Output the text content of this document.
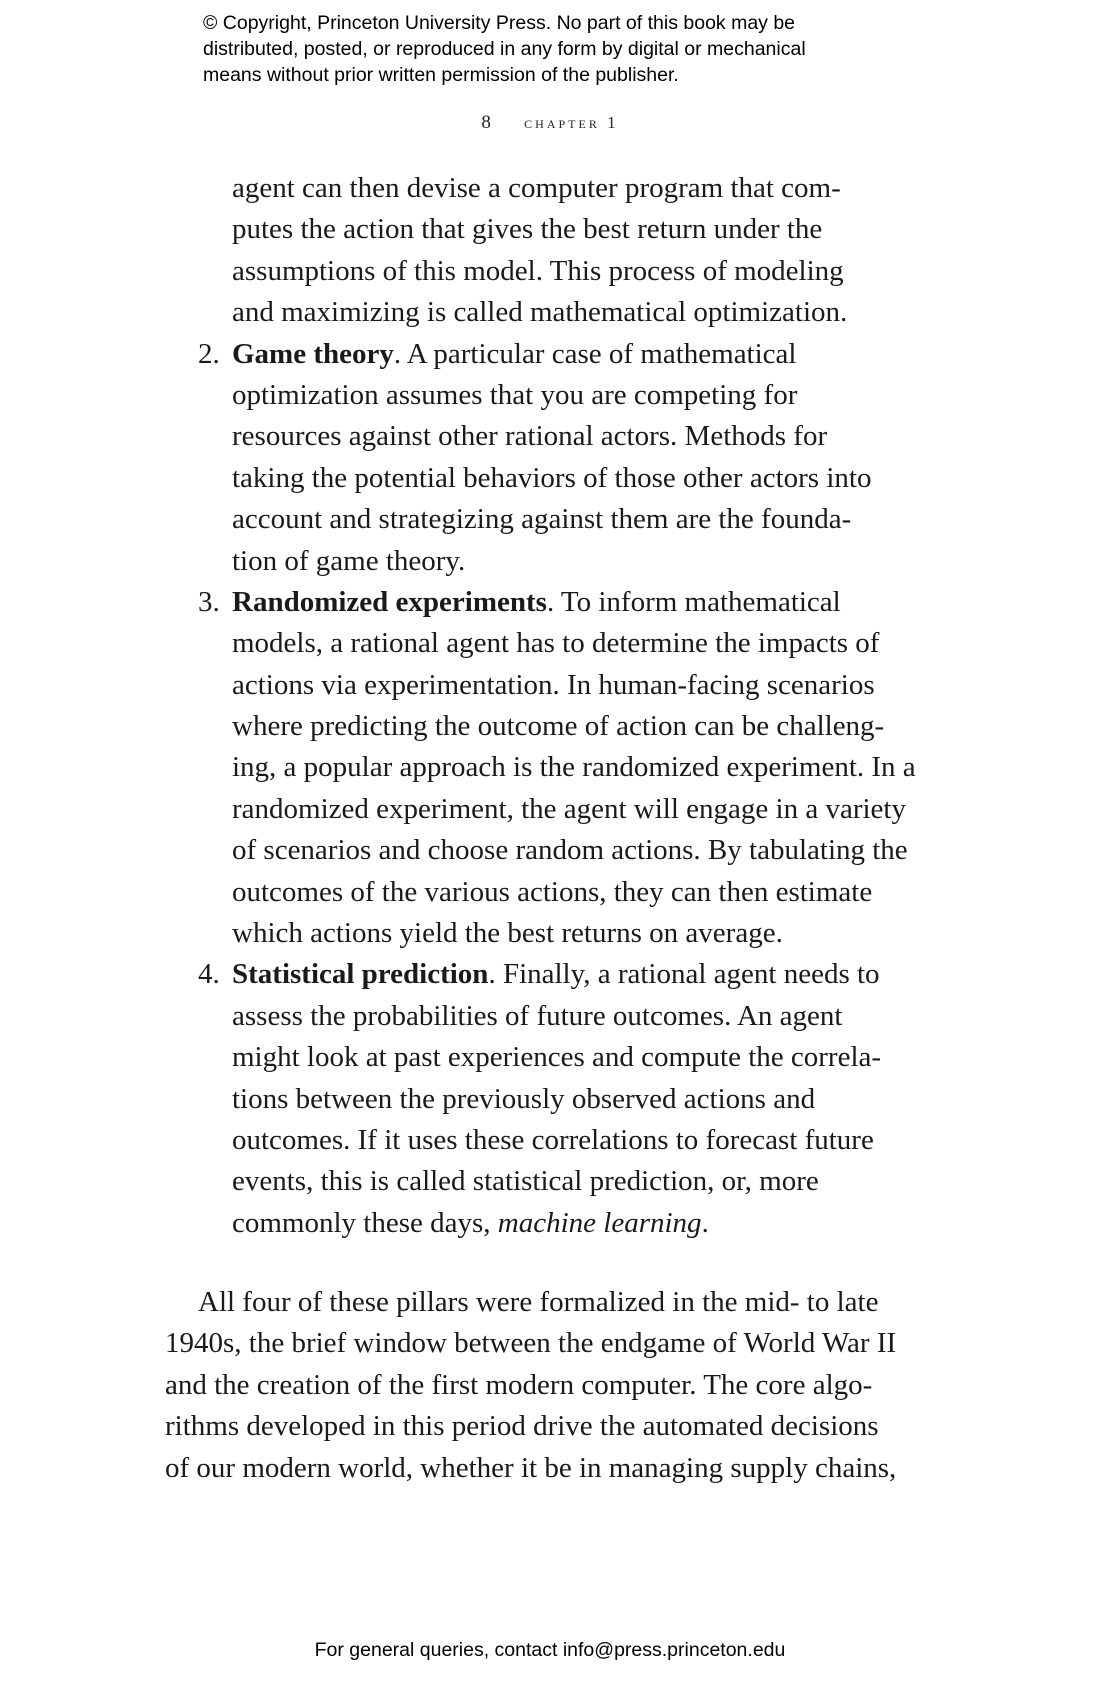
© Copyright, Princeton University Press. No part of this book may be
distributed, posted, or reproduced in any form by digital or mechanical
means without prior written permission of the publisher.
8 chapter 1
agent can then devise a computer program that com-
putes the action that gives the best return under the
assumptions of this model. This process of modeling
and maximizing is called mathematical optimization.
2. Game theory. A particular case of mathematical
optimization assumes that you are competing for
resources against other rational actors. Methods for
taking the potential behaviors of those other actors into
account and strategizing against them are the founda-
tion of game theory.
3. Randomized experiments. To inform mathematical
models, a rational agent has to determine the impacts of
actions via experimentation. In human-facing scenarios
where predicting the outcome of action can be challeng-
ing, a popular approach is the randomized experiment. In a
randomized experiment, the agent will engage in a variety
of scenarios and choose random actions. By tabulating the
outcomes of the various actions, they can then estimate
which actions yield the best returns on average.
4. Statistical prediction. Finally, a rational agent needs to
assess the probabilities of future outcomes. An agent
might look at past experiences and compute the correla-
tions between the previously observed actions and
outcomes. If it uses these correlations to forecast future
events, this is called statistical prediction, or, more
commonly these days, machine learning.
All four of these pillars were formalized in the mid- to late
1940s, the brief window between the endgame of World War II
and the creation of the first modern computer. The core algo-
rithms developed in this period drive the automated decisions
of our modern world, whether it be in managing supply chains,
For general queries, contact info@press.princeton.edu
